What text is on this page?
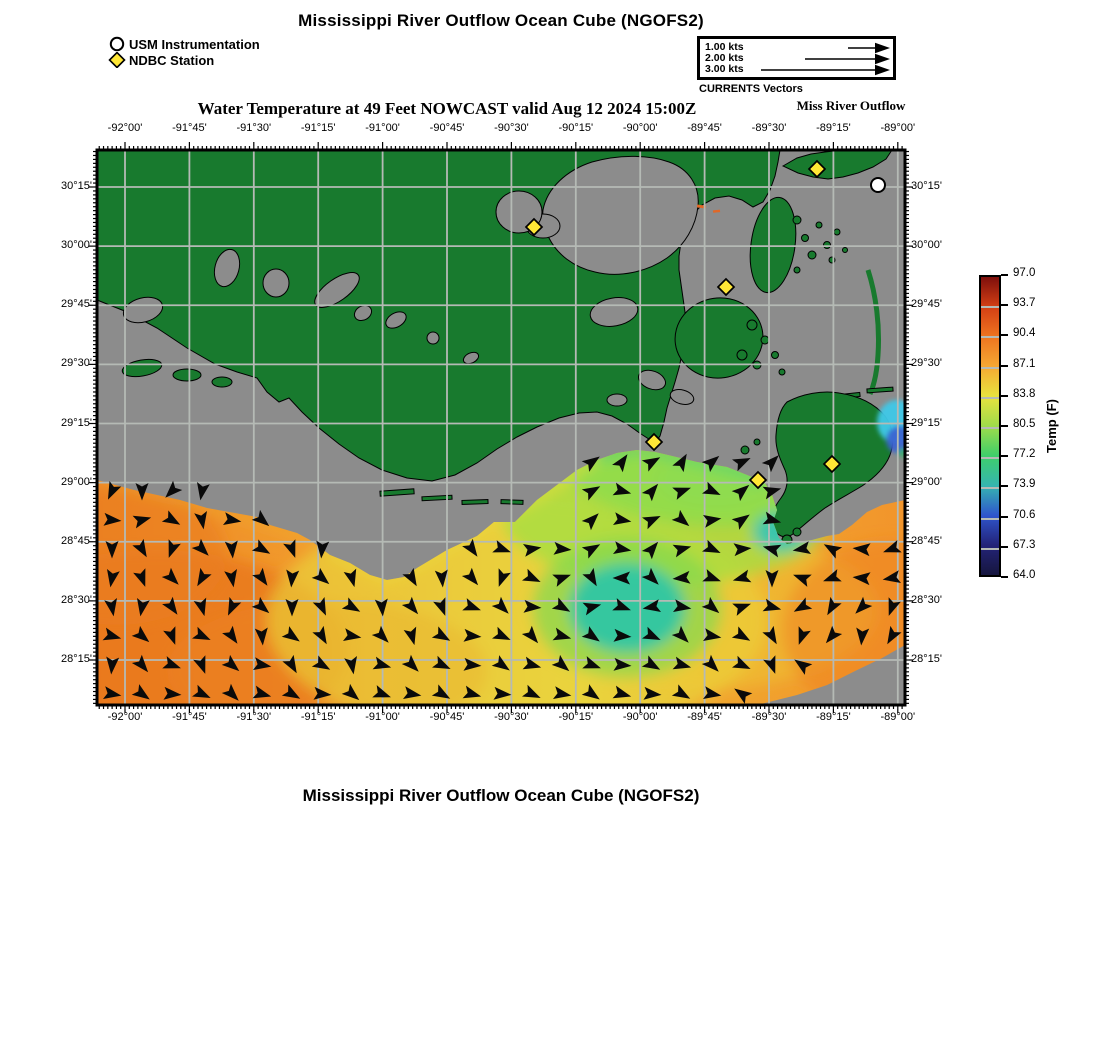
Mississippi River Outflow Ocean Cube (NGOFS2)
USM Instrumentation
NDBC Station
1.00 kts
2.00 kts
3.00 kts
CURRENTS Vectors
Water Temperature at 49 Feet NOWCAST valid Aug 12 2024 15:00Z	Miss River Outflow
Temp (F)
Mississippi River Outflow Ocean Cube (NGOFS2)
-92°00'
-92°00'
-91°45'
-91°45'
-91°30'
-91°30'
-91°15'
-91°15'
-91°00'
-91°00'
-90°45'
-90°45'
-90°30'
-90°30'
-90°15'
-90°15'
-90°00'
-90°00'
-89°45'
-89°45'
-89°30'
-89°30'
-89°15'
-89°15'
-89°00'
-89°00'
30°15'	30°15'
30°00'	30°00'
29°45'	29°45'
29°30'	29°30'
29°15'	29°15'
29°00'	29°00'
28°45'	28°45'
28°30'	28°30'
28°15'	28°15'
97.0
93.7
90.4
87.1
83.8
80.5
77.2
73.9
70.6
67.3
64.0
